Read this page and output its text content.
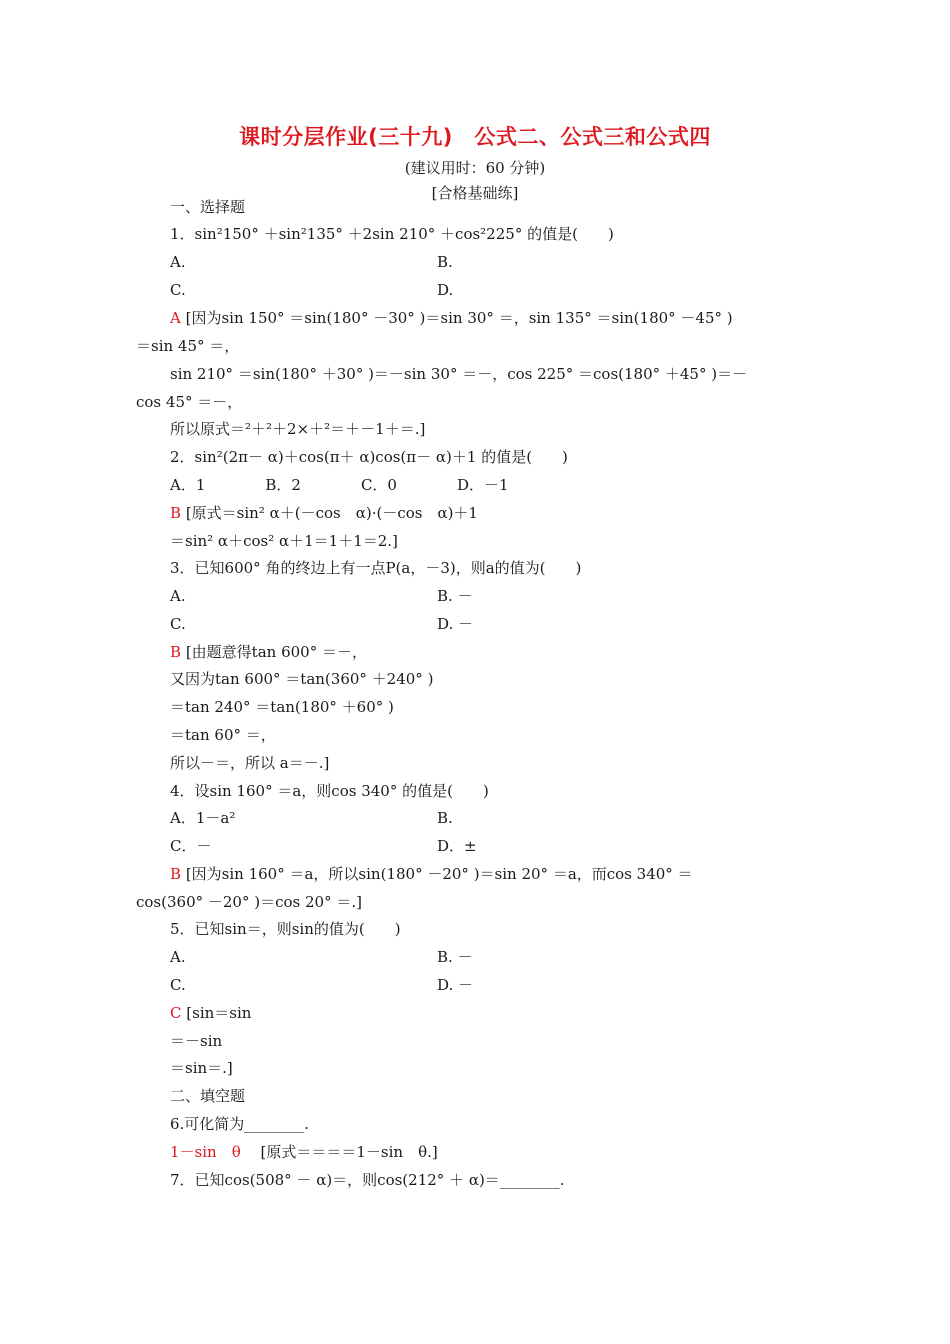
课时分层作业(三十九)　公式二、公式三和公式四
(建议用时：60 分钟)
[合格基础练]
一、选择题
1．sin²150° ＋sin²135° ＋2sin 210° ＋cos²225° 的值是(　　)
A.	B.
C.	D.
A [因为sin 150° ＝sin(180° －30° )＝sin 30° ＝，sin 135° ＝sin(180° －45° )
＝sin 45° ＝，
sin 210° ＝sin(180° ＋30° )＝－sin 30° ＝－，cos 225° ＝cos(180° ＋45° )＝－
cos 45° ＝－，
所以原式＝²＋²＋2×＋²＝＋－1＋＝.]
2．sin²(2π－ α)＋cos(π＋ α)cos(π－ α)＋1 的值是(　　)
A．1　　　　B．2　　　　C．0　　　　D．－1
B [原式＝sin² α＋(－cos　α)·(－cos　α)＋1
＝sin² α＋cos² α＋1＝1＋1＝2.]
3．已知600° 角的终边上有一点P(a，－3)，则a的值为(　　)
A.	B. －
C.	D. －
B [由题意得tan 600° ＝－，
又因为tan 600° ＝tan(360° ＋240° )
＝tan 240° ＝tan(180° ＋60° )
＝tan 60° ＝，
所以－＝，所以 a＝－.]
4．设sin 160° ＝a，则cos 340° 的值是(　　)
A．1－a²	B.
C．－	D．±
B [因为sin 160° ＝a，所以sin(180° －20° )＝sin 20° ＝a，而cos 340° ＝
cos(360° －20° )＝cos 20° ＝.]
5．已知sin＝，则sin的值为(　　)
A.	B. －
C.	D. －
C [sin＝sin
＝－sin
＝sin＝.]
二、填空题
6.可化简为________.
1－sin　θ 　[原式＝＝＝＝1－sin　θ.]
7．已知cos(508° － α)＝，则cos(212° ＋ α)＝________.
